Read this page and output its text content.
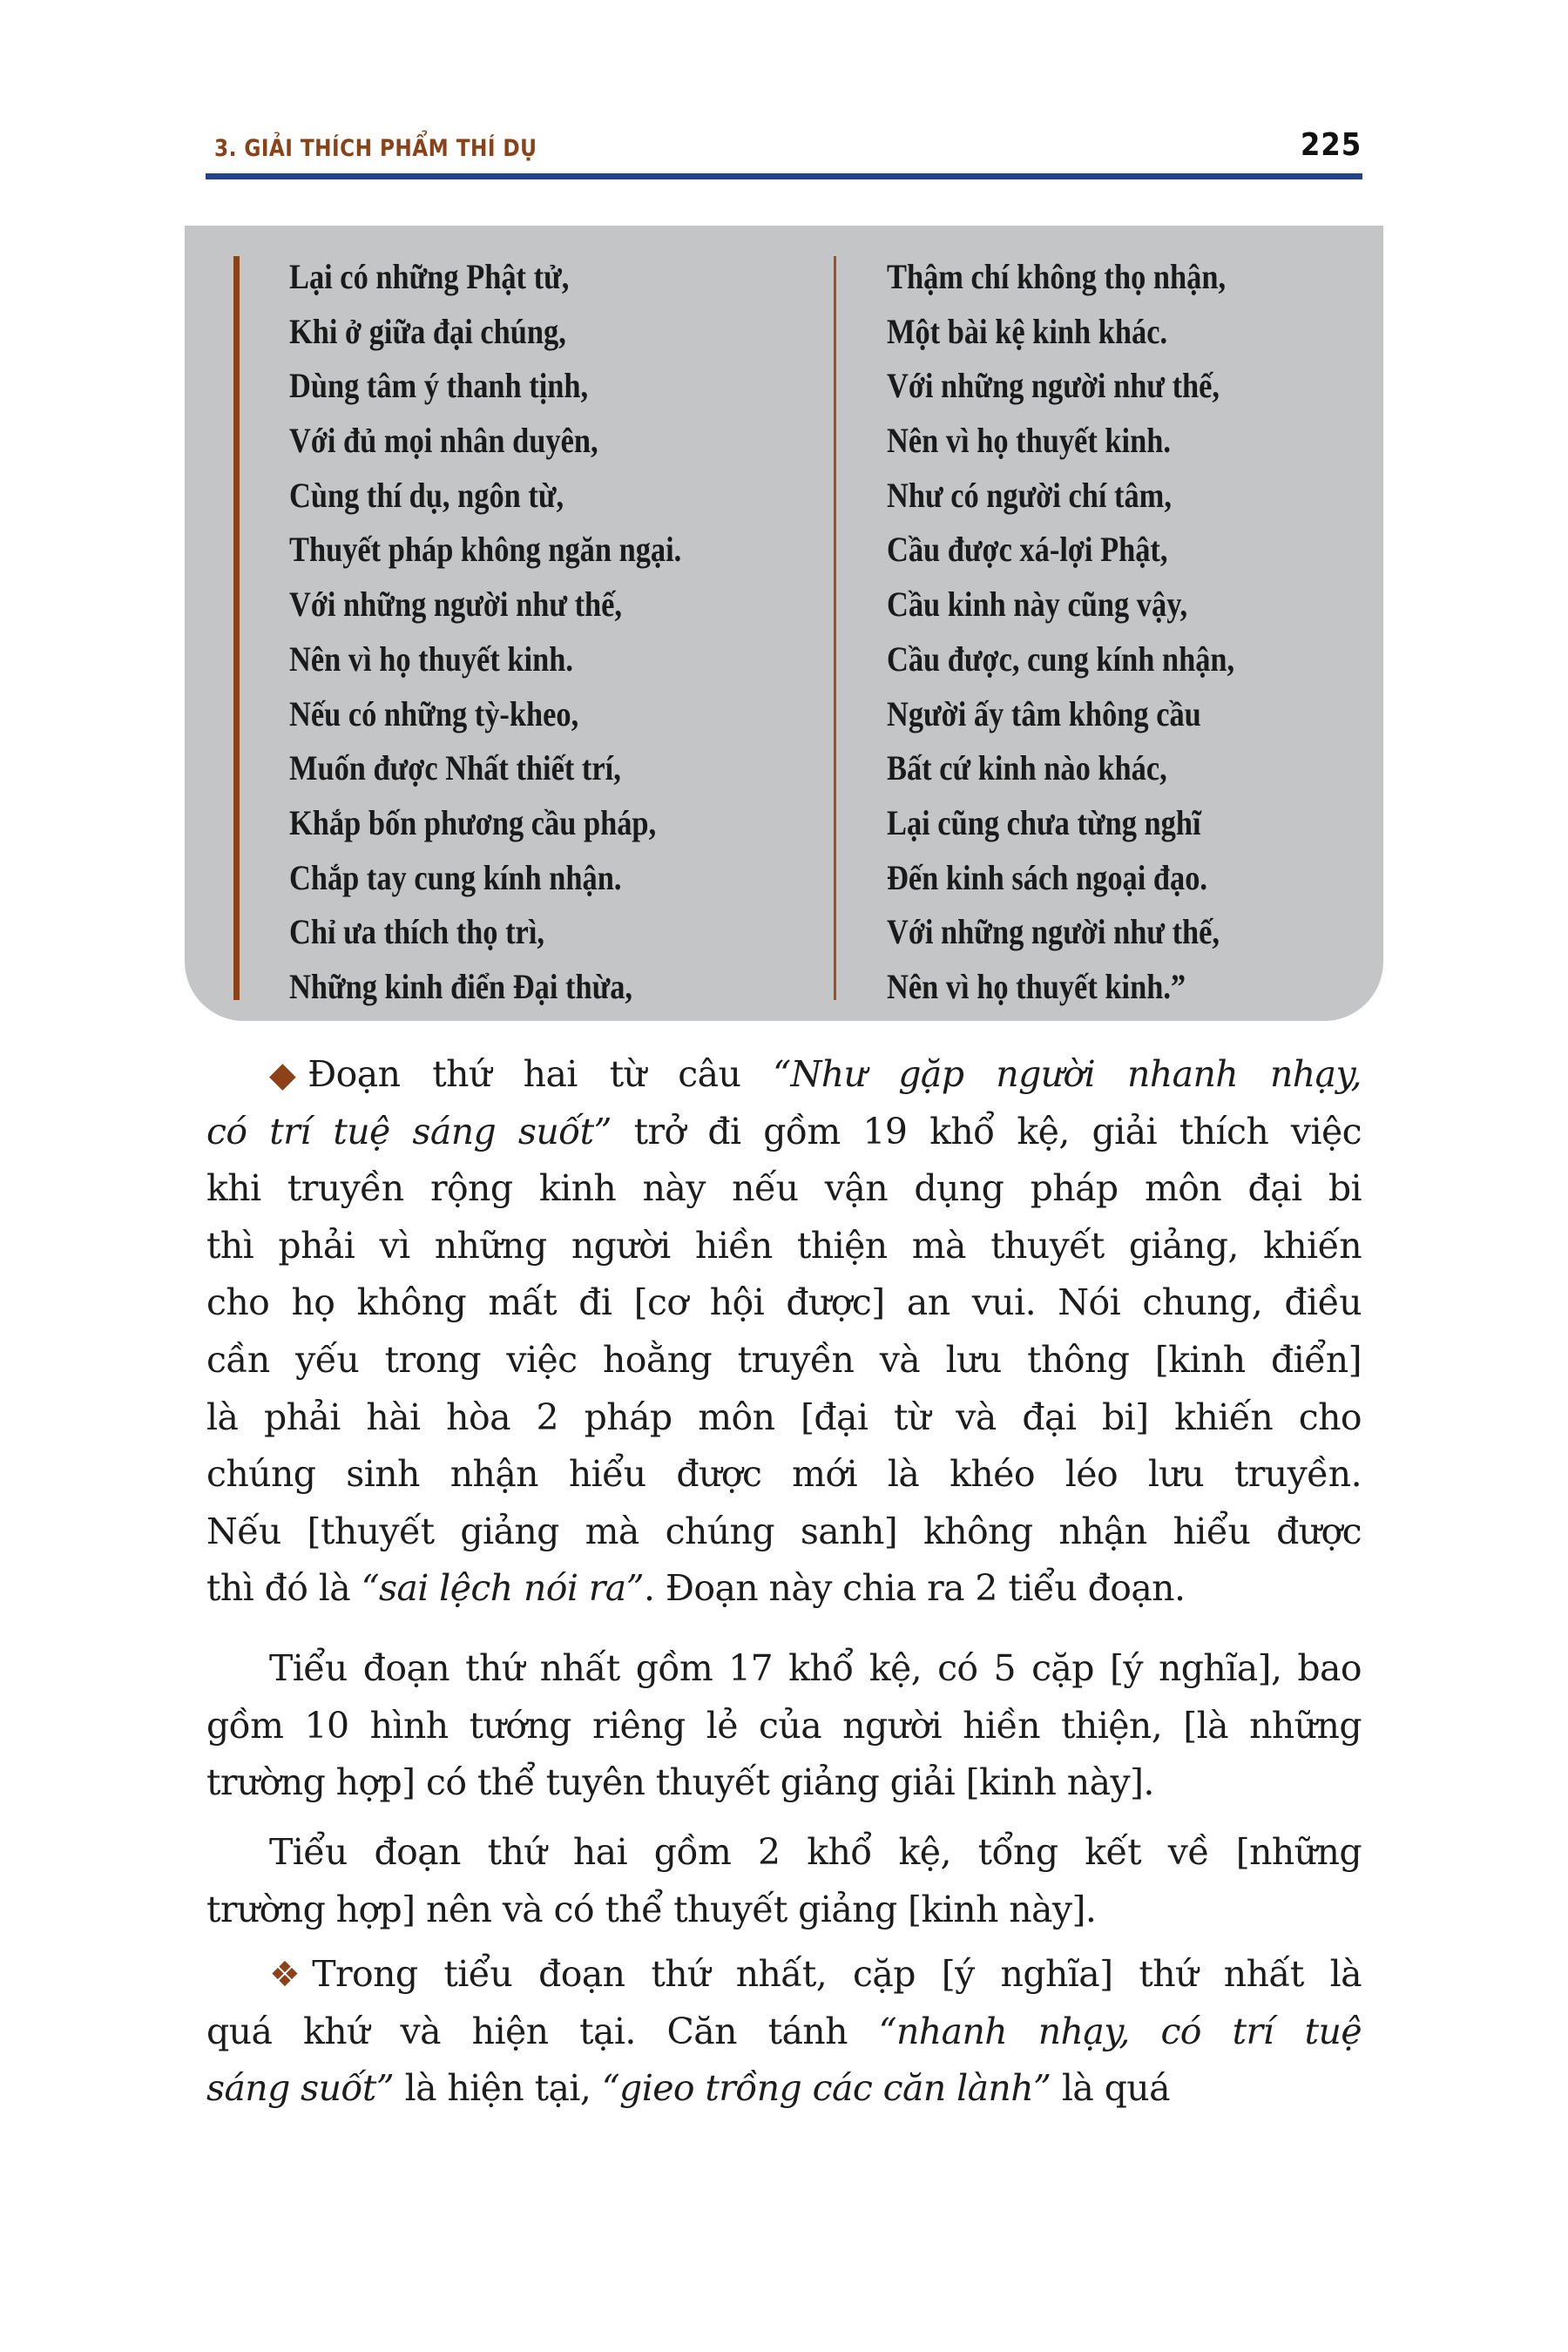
3. GIẢI THÍCH PHẨM THÍ DỤ	225
Lại có những Phật tử,
Khi ở giữa đại chúng,
Dùng tâm ý thanh tịnh,
Với đủ mọi nhân duyên,
Cùng thí dụ, ngôn từ,
Thuyết pháp không ngăn ngại.
Với những người như thế,
Nên vì họ thuyết kinh.
Nếu có những tỳ-kheo,
Muốn được Nhất thiết trí,
Khắp bốn phương cầu pháp,
Chắp tay cung kính nhận.
Chỉ ưa thích thọ trì,
Những kinh điển Đại thừa,
Thậm chí không thọ nhận,
Một bài kệ kinh khác.
Với những người như thế,
Nên vì họ thuyết kinh.
Như có người chí tâm,
Cầu được xá-lợi Phật,
Cầu kinh này cũng vậy,
Cầu được, cung kính nhận,
Người ấy tâm không cầu
Bất cứ kinh nào khác,
Lại cũng chưa từng nghĩ
Đến kinh sách ngoại đạo.
Với những người như thế,
Nên vì họ thuyết kinh.”
◆ Đoạn thứ hai từ câu “Như gặp người nhanh nhạy,
có trí tuệ sáng suốt” trở đi gồm 19 khổ kệ, giải thích việc
khi truyền rộng kinh này nếu vận dụng pháp môn đại bi
thì phải vì những người hiền thiện mà thuyết giảng, khiến
cho họ không mất đi [cơ hội được] an vui. Nói chung, điều
cần yếu trong việc hoằng truyền và lưu thông [kinh điển]
là phải hài hòa 2 pháp môn [đại từ và đại bi] khiến cho
chúng sinh nhận hiểu được mới là khéo léo lưu truyền.
Nếu [thuyết giảng mà chúng sanh] không nhận hiểu được
thì đó là “sai lệch nói ra”. Đoạn này chia ra 2 tiểu đoạn.
Tiểu đoạn thứ nhất gồm 17 khổ kệ, có 5 cặp [ý nghĩa], bao
gồm 10 hình tướng riêng lẻ của người hiền thiện, [là những
trường hợp] có thể tuyên thuyết giảng giải [kinh này].
Tiểu đoạn thứ hai gồm 2 khổ kệ, tổng kết về [những
trường hợp] nên và có thể thuyết giảng [kinh này].
❖ Trong tiểu đoạn thứ nhất, cặp [ý nghĩa] thứ nhất là
quá khứ và hiện tại. Căn tánh “nhanh nhạy, có trí tuệ
sáng suốt” là hiện tại, “gieo trồng các căn lành” là quá
